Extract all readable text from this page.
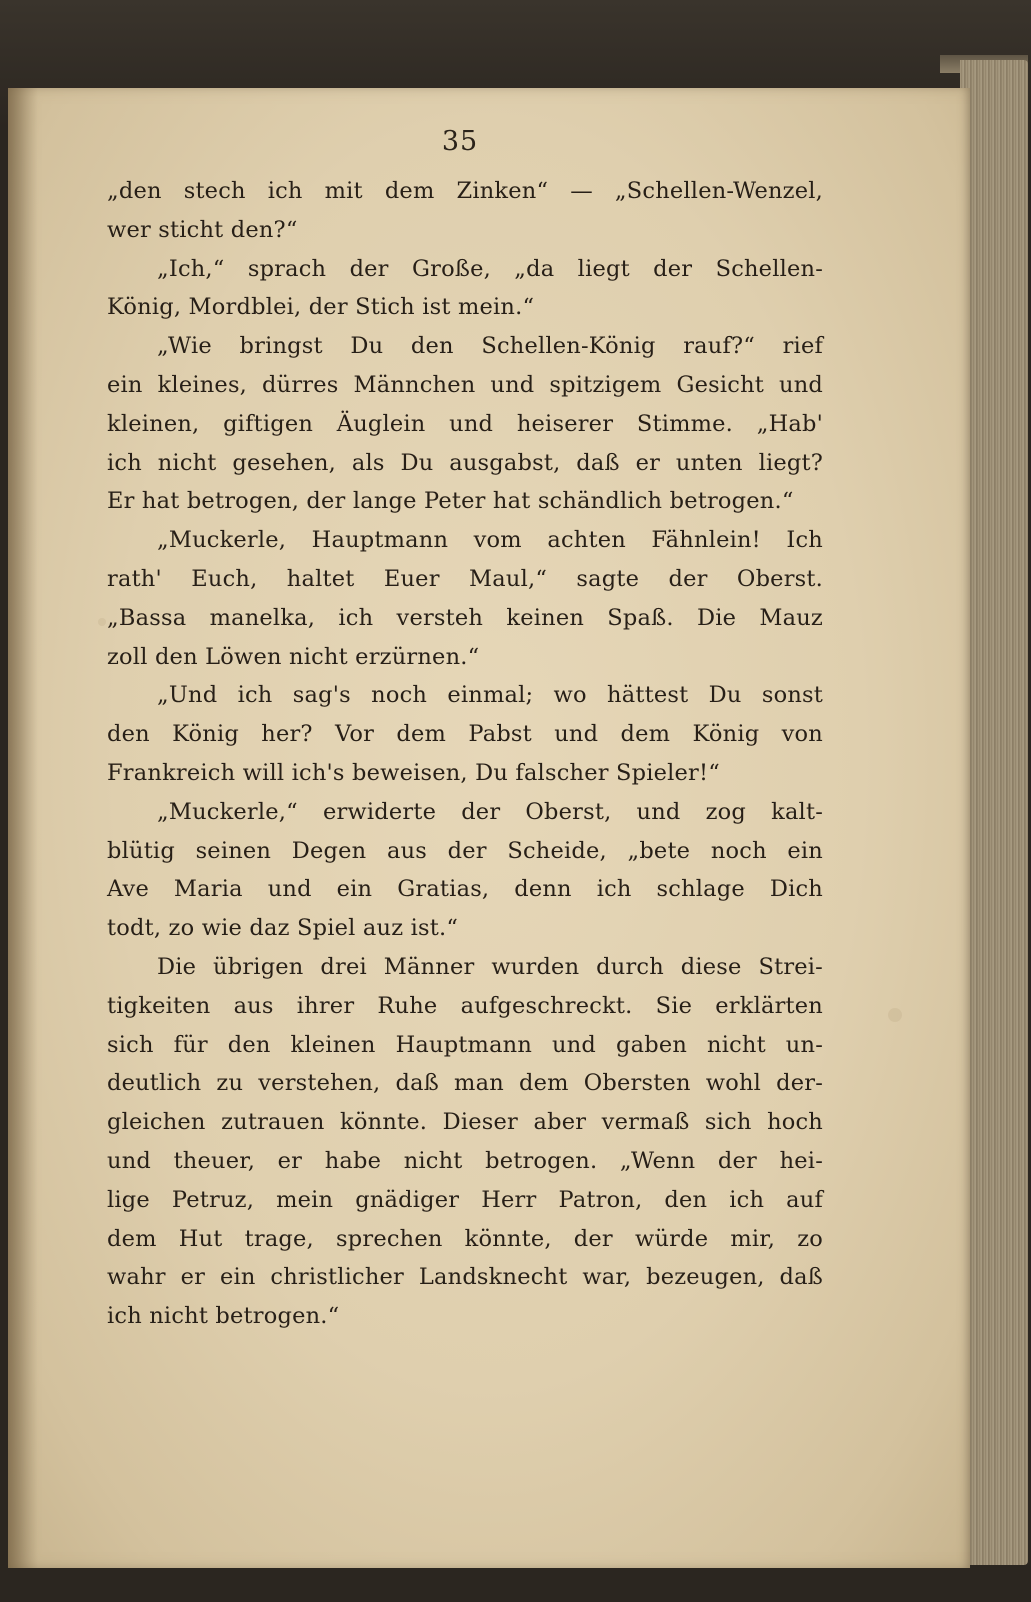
35
„den stech ich mit dem Zinken“ — „Schellen-Wenzel,
wer sticht den?“
„Ich,“ sprach der Große, „da liegt der Schellen-
König, Mordblei, der Stich ist mein.“
„Wie bringst Du den Schellen-König rauf?“ rief
ein kleines, dürres Männchen und spitzigem Gesicht und
kleinen, giftigen Äuglein und heiserer Stimme. „Hab'
ich nicht gesehen, als Du ausgabst, daß er unten liegt?
Er hat betrogen, der lange Peter hat schändlich betrogen.“
„Muckerle, Hauptmann vom achten Fähnlein! Ich
rath' Euch, haltet Euer Maul,“ sagte der Oberst.
„Bassa manelka, ich versteh keinen Spaß. Die Mauz
zoll den Löwen nicht erzürnen.“
„Und ich sag's noch einmal; wo hättest Du sonst
den König her? Vor dem Pabst und dem König von
Frankreich will ich's beweisen, Du falscher Spieler!“
„Muckerle,“ erwiderte der Oberst, und zog kalt-
blütig seinen Degen aus der Scheide, „bete noch ein
Ave Maria und ein Gratias, denn ich schlage Dich
todt, zo wie daz Spiel auz ist.“
Die übrigen drei Männer wurden durch diese Strei-
tigkeiten aus ihrer Ruhe aufgeschreckt. Sie erklärten
sich für den kleinen Hauptmann und gaben nicht un-
deutlich zu verstehen, daß man dem Obersten wohl der-
gleichen zutrauen könnte. Dieser aber vermaß sich hoch
und theuer, er habe nicht betrogen. „Wenn der hei-
lige Petruz, mein gnädiger Herr Patron, den ich auf
dem Hut trage, sprechen könnte, der würde mir, zo
wahr er ein christlicher Landsknecht war, bezeugen, daß
ich nicht betrogen.“
